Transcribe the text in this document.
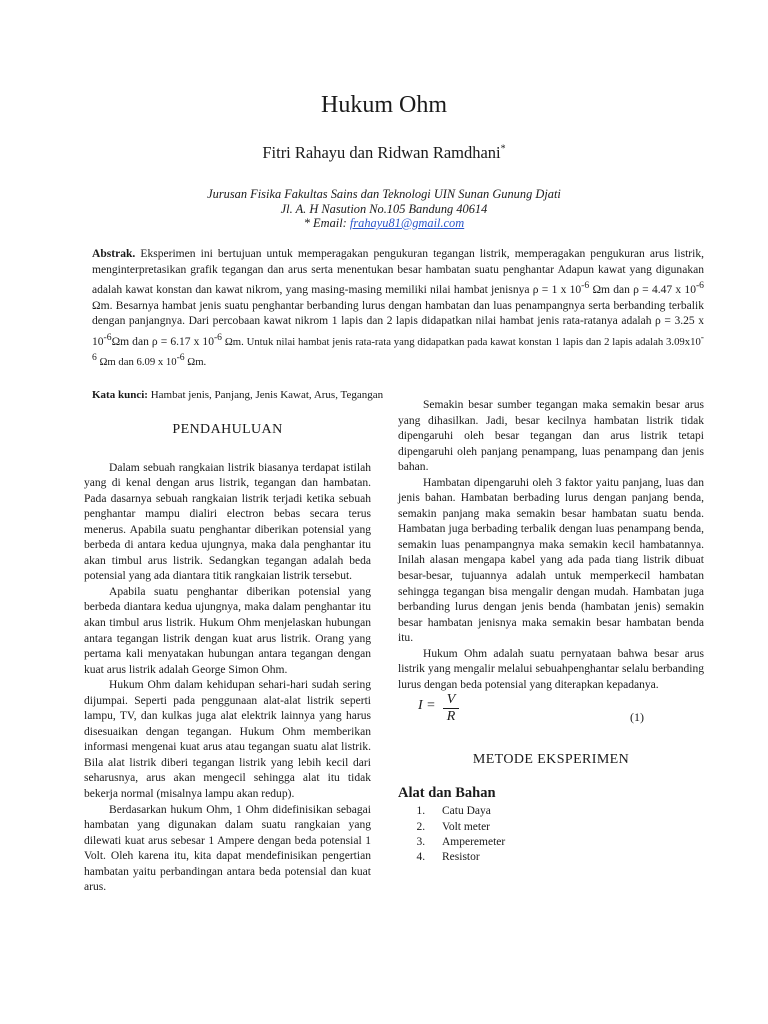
Hukum Ohm
Fitri Rahayu dan Ridwan Ramdhani*
Jurusan Fisika Fakultas Sains dan Teknologi UIN Sunan Gunung Djati
Jl. A. H Nasution No.105 Bandung 40614
* Email: frahayu81@gmail.com
Abstrak. Eksperimen ini bertujuan untuk memperagakan pengukuran tegangan listrik, memperagakan pengukuran arus listrik, menginterpretasikan grafik tegangan dan arus serta menentukan besar hambatan suatu penghantar Adapun kawat yang digunakan adalah kawat konstan dan kawat nikrom, yang masing-masing memiliki nilai hambat jenisnya ρ = 1 x $10^{-6}$ Ωm dan ρ = 4.47 x $10^{-6}$ Ωm. Besarnya hambat jenis suatu penghantar berbanding lurus dengan hambatan dan luas penampangnya serta berbanding terbalik dengan panjangnya. Dari percobaan kawat nikrom 1 lapis dan 2 lapis didapatkan nilai hambat jenis rata-ratanya adalah ρ = 3.25 x $10^{-6}\Omega m$ dan ρ = 6.17 x $10^{-6}$ Ωm. Untuk nilai hambat jenis rata-rata yang didapatkan pada kawat konstan 1 lapis dan 2 lapis adalah $3.09x10^{-6}$ Ωm dan 6.09 x $10^{-6}$ Ωm.
Kata kunci: Hambat jenis, Panjang, Jenis Kawat, Arus, Tegangan
PENDAHULUAN

Dalam sebuah rangkaian listrik biasanya terdapat istilah yang di kenal dengan arus listrik, tegangan dan hambatan. Pada dasarnya sebuah rangkaian listrik terjadi ketika sebuah penghantar mampu dialiri electron bebas secara terus menerus. Apabila suatu penghantar diberikan potensial yang berbeda di antara kedua ujungnya, maka dala penghantar itu akan timbul arus listrik. Sedangkan tegangan adalah beda potensial yang ada diantara titik rangkaian listrik tersebut.

Apabila suatu penghantar diberikan potensial yang berbeda diantara kedua ujungnya, maka dalam penghantar itu akan timbul arus listrik. Hukum Ohm menjelaskan hubungan antara tegangan listrik dengan kuat arus listrik. Orang yang pertama kali menyatakan hubungan antara tegangan dengan kuat arus listrik adalah George Simon Ohm.

Hukum Ohm dalam kehidupan sehari-hari sudah sering dijumpai. Seperti pada penggunaan alat-alat listrik seperti lampu, TV, dan kulkas juga alat elektrik lainnya yang harus disesuaikan dengan tegangan. Hukum Ohm memberikan informasi mengenai kuat arus atau tegangan suatu alat listrik. Bila alat listrik diberi tegangan listrik yang lebih kecil dari seharusnya, arus akan mengecil sehingga alat itu tidak bekerja normal (misalnya lampu akan redup).

Berdasarkan hukum Ohm, 1 Ohm didefinisikan sebagai hambatan yang digunakan dalam suatu rangkaian yang dilewati kuat arus sebesar 1 Ampere dengan beda potensial 1 Volt. Oleh karena itu, kita dapat mendefinisikan pengertian hambatan yaitu perbandingan antara beda potensial dan kuat arus.

Semakin besar sumber tegangan maka semakin besar arus yang dihasilkan. Jadi, besar kecilnya hambatan listrik tidak dipengaruhi oleh besar tegangan dan arus listrik tetapi dipengaruhi oleh panjang penampang, luas penampang dan jenis bahan.

Hambatan dipengaruhi oleh 3 faktor yaitu panjang, luas dan jenis bahan. Hambatan berbading lurus dengan panjang benda, semakin panjang maka semakin besar hambatan suatu benda. Hambatan juga berbading terbalik dengan luas penampang benda, semakin luas penampangnya maka semakin kecil hambatannya. Inilah alasan mengapa kabel yang ada pada tiang listrik dibuat besar-besar, tujuannya adalah untuk memperkecil hambatan sehingga tegangan bisa mengalir dengan mudah. Hambatan juga berbanding lurus dengan jenis benda (hambatan jenis) semakin besar hambatan jenisnya maka semakin besar hambatan benda itu.

Hukum Ohm adalah suatu pernyataan bahwa besar arus listrik yang mengalir melalui sebuahpenghantar selalu berbanding lurus dengan beda potensial yang diterapkan kepadanya.

$I = \frac{V}{R}$	(1)
METODE EKSPERIMEN
Alat dan Bahan
1. Catu Daya
2. Volt meter
3. Amperemeter
4. Resistor
